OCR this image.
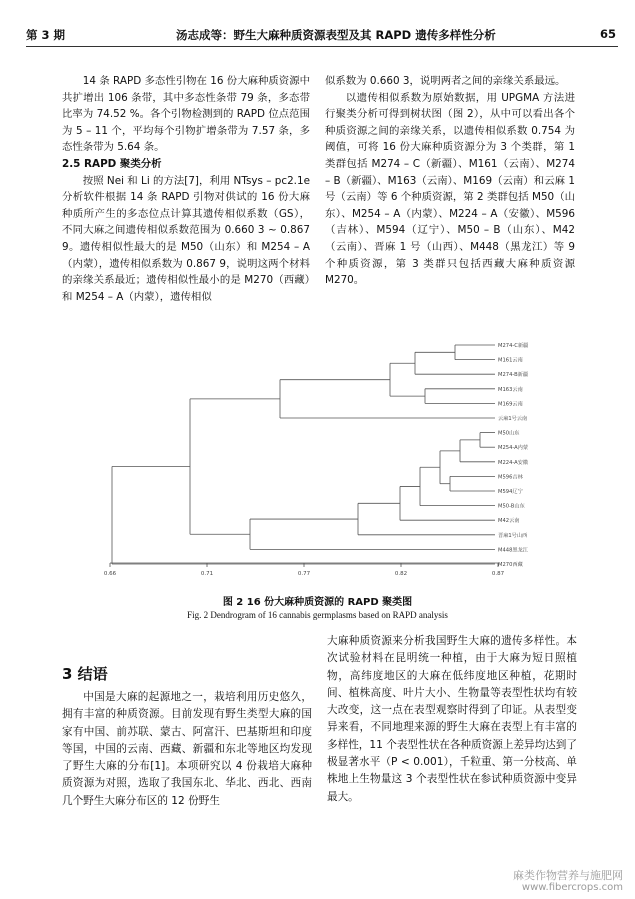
第 3 期	汤志成等：野生大麻种质资源表型及其 RAPD 遗传多样性分析	65

14 条 RAPD 多态性引物在 16 份大麻种质资源中共扩增出 106 条带，其中多态性条带 79 条，多态带比率为 74.52 %。各个引物检测到的 RAPD 位点范围为 5 – 11 个，平均每个引物扩增条带为 7.57 条，多态性条带为 5.64 条。

2.5 RAPD 聚类分析

按照 Nei 和 Li 的方法[7]，利用 NTsys – pc2.1e 分析软件根据 14 条 RAPD 引物对供试的 16 份大麻种质所产生的多态位点计算其遗传相似系数（GS），不同大麻之间遗传相似系数范围为 0.660 3 ~ 0.867 9。遗传相似性最大的是 M50（山东）和 M254 – A（内蒙），遗传相似系数为 0.867 9，说明这两个材料的亲缘关系最近；遗传相似性最小的是 M270（西藏）和 M254 – A（内蒙），遗传相似

似系数为 0.660 3，说明两者之间的亲缘关系最远。

以遗传相似系数为原始数据，用 UPGMA 方法进行聚类分析可得到树状图（图 2），从中可以看出各个种质资源之间的亲缘关系，以遗传相似系数 0.754 为阈值，可将 16 份大麻种质资源分为 3 个类群，第 1 类群包括 M274 – C（新疆）、M161（云南）、M274 – B（新疆）、M163（云南）、M169（云南）和云麻 1 号（云南）等 6 个种质资源，第 2 类群包括 M50（山东）、M254 – A（内蒙）、M224 – A（安徽）、M596（吉林）、M594（辽宁）、M50 – B（山东）、M42（云南）、晋麻 1 号（山西）、M448（黑龙江）等 9 个种质资源，第 3 类群只包括西藏大麻种质资源 M270。

0.66	0.71	0.77	0.82	0.87
M274-C新疆
M161云南
M274-B新疆
M163云南
M169云南
云麻1号云南
M50山东
M254-A内蒙
M224-A安徽
M596吉林
M594辽宁
M50-B山东
M42云南
晋麻1号山西
M448黑龙江
M270西藏
图 2 16 份大麻种质资源的 RAPD 聚类图
Fig. 2 Dendrogram of 16 cannabis germplasms based on RAPD analysis
3 结语

中国是大麻的起源地之一，栽培利用历史悠久，拥有丰富的种质资源。目前发现有野生类型大麻的国家有中国、前苏联、蒙古、阿富汗、巴基斯坦和印度等国，中国的云南、西藏、新疆和东北等地区均发现了野生大麻的分布[1]。本项研究以 4 份栽培大麻种质资源为对照，选取了我国东北、华北、西北、西南几个野生大麻分布区的 12 份野生

大麻种质资源来分析我国野生大麻的遗传多样性。本次试验材料在昆明统一种植，由于大麻为短日照植物，高纬度地区的大麻在低纬度地区种植，花期时间、植株高度、叶片大小、生物量等表型性状均有较大改变，这一点在表型观察时得到了印证。从表型变异来看，不同地理来源的野生大麻在表型上有丰富的多样性，11 个表型性状在各种质资源上差异均达到了极显著水平（P < 0.001），千粒重、第一分枝高、单株地上生物量这 3 个表型性状在参试种质资源中变异最大。

麻类作物营养与施肥网
www.fibercrops.com
